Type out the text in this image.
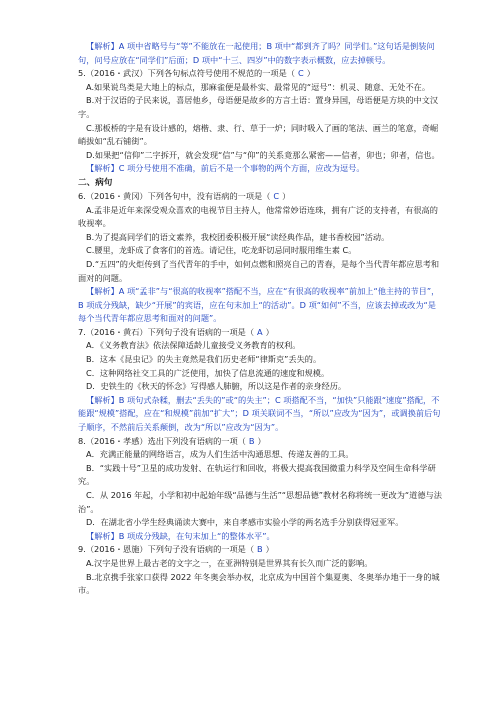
【解析】A 项中省略号与“等”不能放在一起使用；B 项中“都到齐了吗？同学们。”这句话是倒装问句，问号应放在“同学们”后面；D 项中“十三、四岁”中的数字表示概数，应去掉顿号。

5.（2016・武汉）下列各句标点符号使用不规范的一项是（ C ）

A.如果说鸟类是大地上的标点，那麻雀便是最朴实、最常见的“逗号”：机灵、随意、无处不在。

B.对于汉语的子民来说，喜居他乡，母语便是故乡的方言土语：置身异国，母语便是方块的中文汉字。

C.那板桥的字是有设计感的，熔楷、隶、行、草于一炉；同时吸入了画的笔法、画兰的笔意，奇崛峭拔如“乱石铺街”。

D.如果把“信仰”二字拆开，就会发现“信”与“仰”的关系竟那么紧密——信者，卯也；卯者，信也。

【解析】C 项分号使用不准确，前后不是一个事物的两个方面，应改为逗号。

二、病句

6.（2016・黄冈）下列各句中，没有语病的一项是（ C ）

A.孟非是近年来深受观众喜欢的电视节目主持人，他常常妙语连珠，拥有广泛的支持者，有很高的收视率。

B.为了提高同学们的语文素养，我校团委积极开展“读经典作品，建书香校园”活动。

C.腰里，龙虾成了食客们的首选。请记住，吃龙虾切忌同时服用维生素 C。

D.“五四”的火炬传到了当代青年的手中，如何点燃和照亮自己的青春，是每个当代青年都应思考和面对的问题。

【解析】A 项“孟非”与“很高的收视率”搭配不当，应在“有很高的收视率”前加上“他主持的节目”，B 项成分残缺，缺少“开展”的宾语，应在句末加上“的活动”。D 项“如何”不当，应该去掉或改为“是每个当代青年都应思考和面对的问题”。

7.（2016・黄石）下列句子没有语病的一项是（ A ）

A．《义务教育法》依法保障适龄儿童接受义务教育的权利。

B．这本《昆虫记》的失主竟然是我们历史老师“律斯克”丢失的。

C．这种网络社交工具的广泛使用，加快了信息流通的速度和规模。

D．史铁生的《秋天的怀念》写得感人肺腑，所以这是作者的亲身经历。

【解析】B 项句式杂糅，删去“丢失的”或“的失主”；C 项搭配不当，“加快”只能跟“速度”搭配，不能跟“规模”搭配，应在“和规模”前加“扩大”；D 项关联词不当，“所以”应改为“因为”，或调换前后句子顺序，不然前后关系颠倒，改为“所以”应改为“因为”。

8.（2016・孝感）选出下列没有语病的一项（ B ）

A．充满正能量的网络语言，成为人们生活中沟通思想、传递友善的工具。

B．“实践十号”卫星的成功发射、在轨运行和回收，将极大提高我国微重力科学及空间生命科学研究。

C．从 2016 年起，小学和初中起始年级“品德与生活”“思想品德”教材名称将统一更改为“道德与法治”。

D．在湖北省小学生经典诵读大赛中，来自孝感市实验小学的两名选手分别获得冠亚军。

【解析】B 项成分残缺，在句末加上“的整体水平”。

9.（2016・恩施）下列句子没有语病的一项是（ B ）

A.汉字是世界上最古老的文字之一，在亚洲特别是世界其有长久而广泛的影响。

B.北京携手张家口获得 2022 年冬奥会举办权，北京成为中国首个集夏奥、冬奥举办地于一身的城市。
